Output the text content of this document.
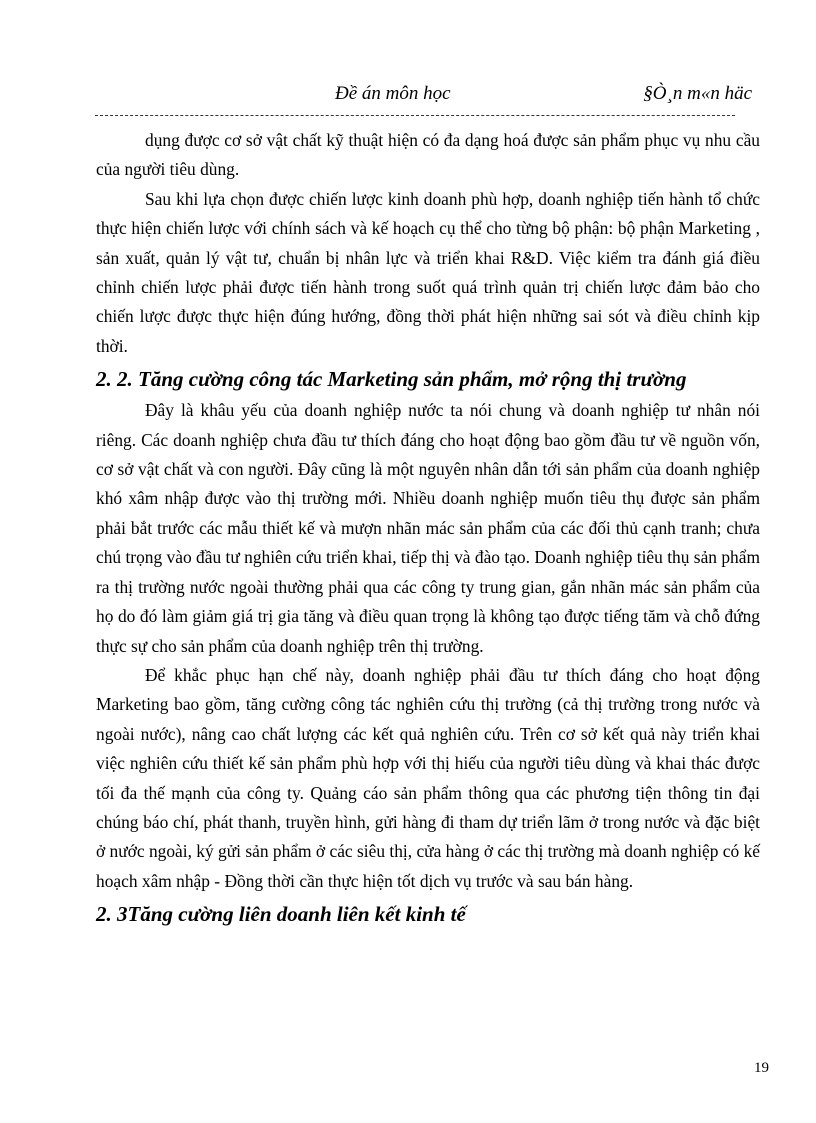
Đề án môn học	§Ò¸n m«n häc

dụng được cơ sở vật chất kỹ thuật hiện có đa dạng hoá được sản phẩm phục vụ nhu cầu của người tiêu dùng.

Sau khi lựa chọn được chiến lược kinh doanh phù hợp, doanh nghiệp tiến hành tổ chức thực hiện chiến lược với chính sách và kế hoạch cụ thể cho từng bộ phận: bộ phận Marketing , sản xuất, quản lý vật tư, chuẩn bị nhân lực và triển khai R&D. Việc kiểm tra đánh giá điều chỉnh chiến lược phải được tiến hành trong suốt quá trình quản trị chiến lược đảm bảo cho chiến lược được thực hiện đúng hướng, đồng thời phát hiện những sai sót và điều chỉnh kịp thời.

2. 2. Tăng cường công tác Marketing sản phẩm, mở rộng thị trường

Đây là khâu yếu của doanh nghiệp nước ta nói chung và doanh nghiệp tư nhân nói riêng. Các doanh nghiệp chưa đầu tư thích đáng cho hoạt động bao gồm đầu tư về nguồn vốn, cơ sở vật chất và con người. Đây cũng là một nguyên nhân dẫn tới sản phẩm của doanh nghiệp khó xâm nhập được vào thị trường mới. Nhiều doanh nghiệp muốn tiêu thụ được sản phẩm phải bắt trước các mẫu thiết kế và mượn nhãn mác sản phẩm của các đối thủ cạnh tranh; chưa chú trọng vào đầu tư nghiên cứu triển khai, tiếp thị và đào tạo. Doanh nghiệp tiêu thụ sản phẩm ra thị trường nước ngoài thường phải qua các công ty trung gian, gắn nhãn mác sản phẩm của họ do đó làm giảm giá trị gia tăng và điều quan trọng là không tạo được tiếng tăm và chỗ đứng thực sự cho sản phẩm của doanh nghiệp trên thị trường.

Để khắc phục hạn chế này, doanh nghiệp phải đầu tư thích đáng cho hoạt động Marketing bao gồm, tăng cường công tác nghiên cứu thị trường (cả thị trường trong nước và ngoài nước), nâng cao chất lượng các kết quả nghiên cứu. Trên cơ sở kết quả này triển khai việc nghiên cứu thiết kế sản phẩm phù hợp với thị hiếu của người tiêu dùng và khai thác được tối đa thế mạnh của công ty. Quảng cáo sản phẩm thông qua các phương tiện thông tin đại chúng báo chí, phát thanh, truyền hình, gửi hàng đi tham dự triển lãm ở trong nước và đặc biệt ở nước ngoài, ký gửi sản phẩm ở các siêu thị, cửa hàng ở các thị trường mà doanh nghiệp có kế hoạch xâm nhập - Đồng thời cần thực hiện tốt dịch vụ trước và sau bán hàng.

2. 3Tăng cường liên doanh liên kết kinh tế
19
